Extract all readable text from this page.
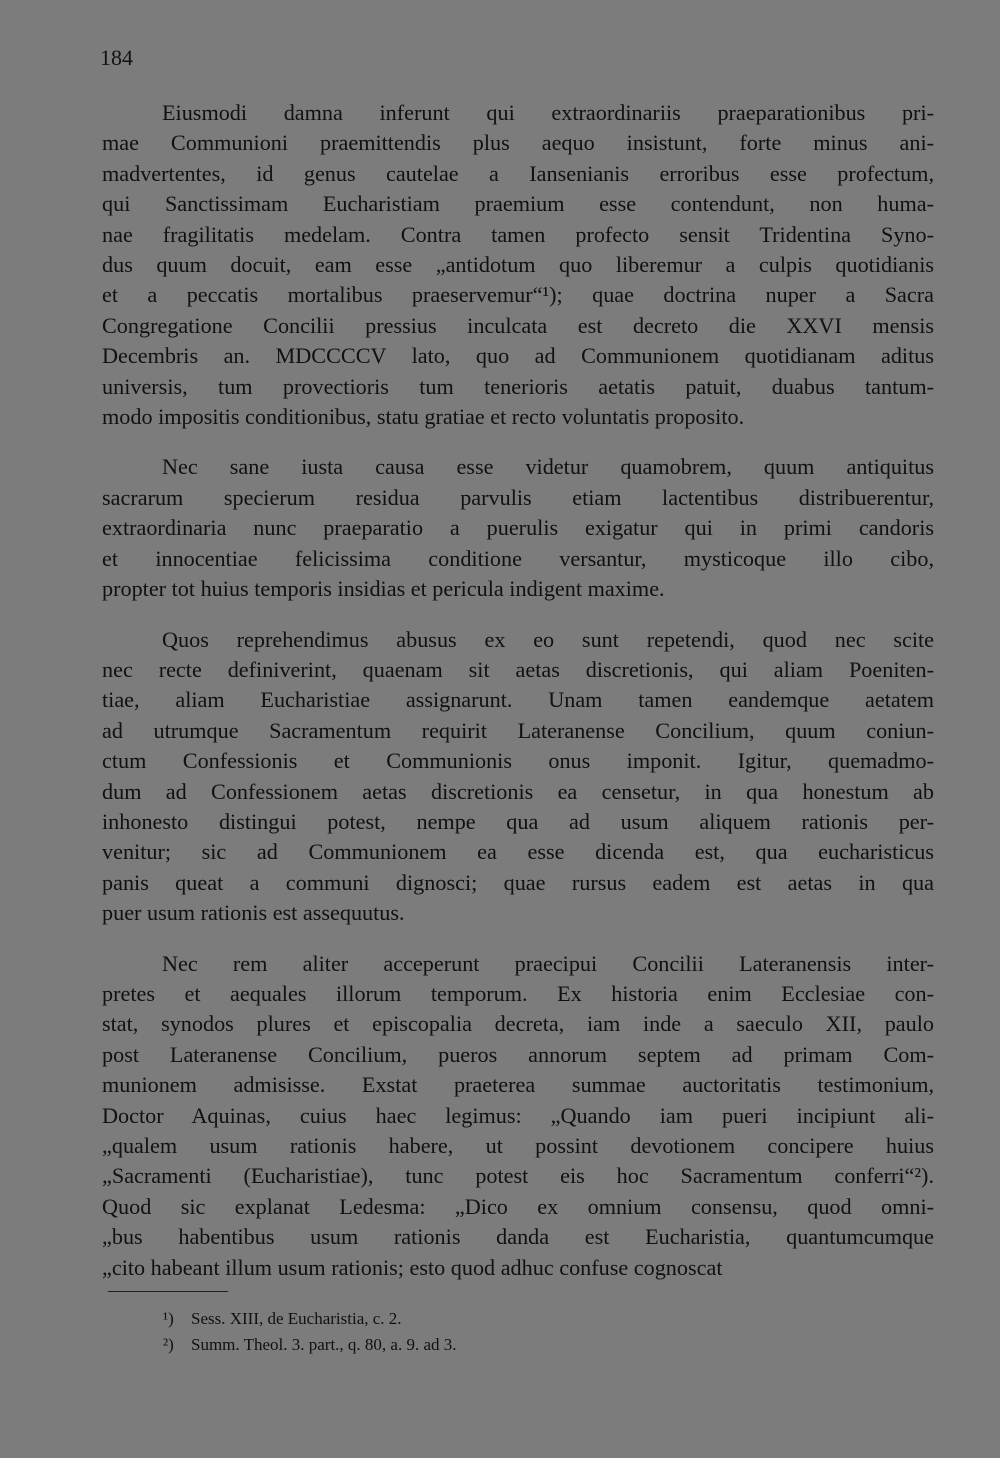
184
Eiusmodi damna inferunt qui extraordinariis praeparationibus pri-
mae Communioni praemittendis plus aequo insistunt, forte minus ani-
madvertentes, id genus cautelae a Iansenianis erroribus esse profectum,
qui Sanctissimam Eucharistiam praemium esse contendunt, non huma-
nae fragilitatis medelam. Contra tamen profecto sensit Tridentina Syno-
dus quum docuit, eam esse „antidotum quo liberemur a culpis quotidianis
et a peccatis mortalibus praeservemur“¹); quae doctrina nuper a Sacra
Congregatione Concilii pressius inculcata est decreto die XXVI mensis
Decembris an. MDCCCCV lato, quo ad Communionem quotidianam aditus
universis, tum provectioris tum tenerioris aetatis patuit, duabus tantum-
modo impositis conditionibus, statu gratiae et recto voluntatis proposito.
Nec sane iusta causa esse videtur quamobrem, quum antiquitus
sacrarum specierum residua parvulis etiam lactentibus distribuerentur,
extraordinaria nunc praeparatio a puerulis exigatur qui in primi candoris
et innocentiae felicissima conditione versantur, mysticoque illo cibo,
propter tot huius temporis insidias et pericula indigent maxime.
Quos reprehendimus abusus ex eo sunt repetendi, quod nec scite
nec recte definiverint, quaenam sit aetas discretionis, qui aliam Poeniten-
tiae, aliam Eucharistiae assignarunt. Unam tamen eandemque aetatem
ad utrumque Sacramentum requirit Lateranense Concilium, quum coniun-
ctum Confessionis et Communionis onus imponit. Igitur, quemadmo-
dum ad Confessionem aetas discretionis ea censetur, in qua honestum ab
inhonesto distingui potest, nempe qua ad usum aliquem rationis per-
venitur; sic ad Communionem ea esse dicenda est, qua eucharisticus
panis queat a communi dignosci; quae rursus eadem est aetas in qua
puer usum rationis est assequutus.
Nec rem aliter acceperunt praecipui Concilii Lateranensis inter-
pretes et aequales illorum temporum. Ex historia enim Ecclesiae con-
stat, synodos plures et episcopalia decreta, iam inde a saeculo XII, paulo
post Lateranense Concilium, pueros annorum septem ad primam Com-
munionem admisisse. Exstat praeterea summae auctoritatis testimonium,
Doctor Aquinas, cuius haec legimus: „Quando iam pueri incipiunt ali-
„qualem usum rationis habere, ut possint devotionem concipere huius
„Sacramenti (Eucharistiae), tunc potest eis hoc Sacramentum conferri“²).
Quod sic explanat Ledesma: „Dico ex omnium consensu, quod omni-
„bus habentibus usum rationis danda est Eucharistia, quantumcumque
„cito habeant illum usum rationis; esto quod adhuc confuse cognoscat
¹) Sess. XIII, de Eucharistia, c. 2.
²) Summ. Theol. 3. part., q. 80, a. 9. ad 3.
